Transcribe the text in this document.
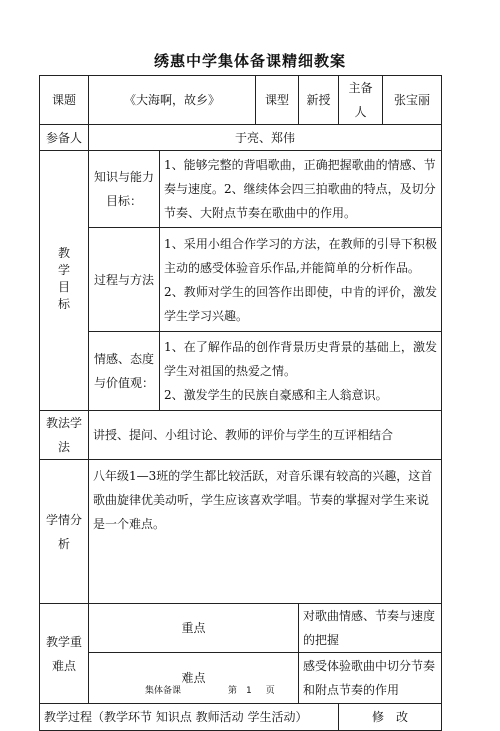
绣惠中学集体备课精细教案
课题	《大海啊，故乡》		课型	新授	主备人	张宝丽
参备人	于亮、郑伟					
教
学
目
标	知识与能力目标：	1、能够完整的背唱歌曲，正确把握歌曲的情感、节奏与速度。2、继续体会四三拍歌曲的特点，及切分节奏、大附点节奏在歌曲中的作用。				
	过程与方法	1、采用小组合作学习的方法，在教师的引导下积极主动的感受体验音乐作品,并能简单的分析作品。
2、教师对学生的回答作出即使，中肯的评价，激发学生学习兴趣。				

	情感、态度与价值观：	1、在了解作品的创作背景历史背景的基础上，激发学生对祖国的热爱之情。
2、激发学生的民族自豪感和主人翁意识。				

教法学法	讲授、提问、小组讨论、教师的评价与学生的互评相结合					
学情分析	八年级1—3班的学生都比较活跃，对音乐课有较高的兴趣，这首歌曲旋律优美动听，学生应该喜欢学唱。节奏的掌握对学生来说是一个难点。					
教学重难点	重点			对歌曲情感、节奏与速度的把握		
	难点			感受体验歌曲中切分节奏和附点节奏的作用		
教学过程（教学环节 知识点 教师活动 学生活动）					修　改	
集体备课	第 1 页
